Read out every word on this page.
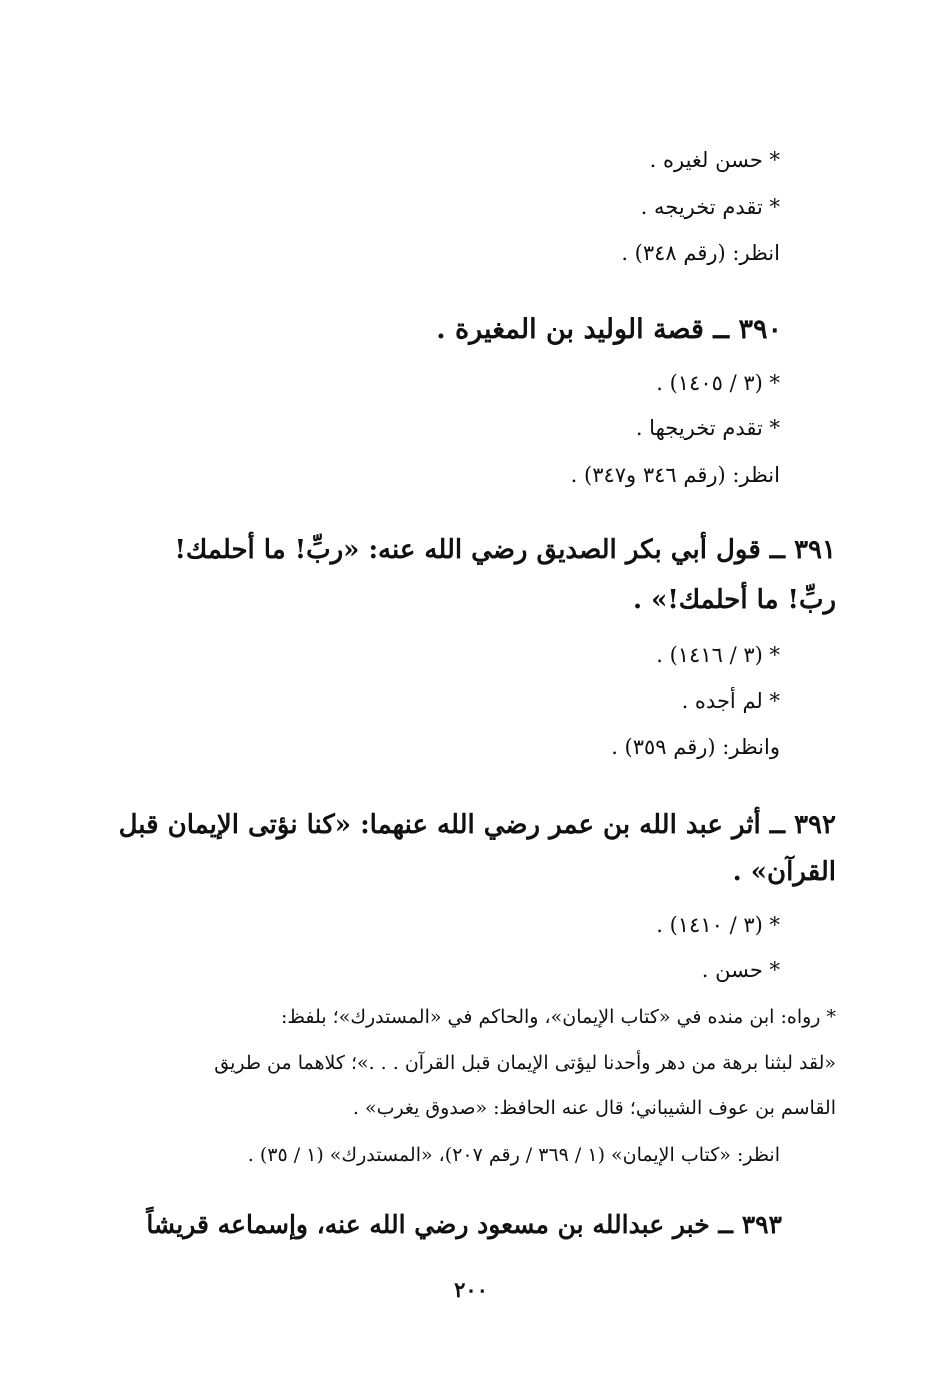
* حسن لغيره .
* تقدم تخريجه .
انظر: (رقم ٣٤٨) .
٣٩٠ ــ قصة الوليد بن المغيرة .
* (٣ / ١٤٠٥) .
* تقدم تخريجها .
انظر: (رقم ٣٤٦ و٣٤٧) .
٣٩١ ــ قول أبي بكر الصديق رضي الله عنه: «ربِّ! ما أحلمك!
ربِّ! ما أحلمك!» .
* (٣ / ١٤١٦) .
* لم أجده .
وانظر: (رقم ٣٥٩) .
٣٩٢ ــ أثر عبد الله بن عمر رضي الله عنهما: «كنا نؤتى الإيمان قبل
القرآن» .
* (٣ / ١٤١٠) .
* حسن .
* رواه: ابن منده في «كتاب الإيمان»، والحاكم في «المستدرك»؛ بلفظ:
«لقد لبثنا برهة من دهر وأحدنا ليؤتى الإيمان قبل القرآن . . .»؛ كلاهما من طريق
القاسم بن عوف الشيباني؛ قال عنه الحافظ: «صدوق يغرب» .
انظر: «كتاب الإيمان» (١ / ٣٦٩ / رقم ٢٠٧)، «المستدرك» (١ / ٣٥) .
٣٩٣ ــ خبر عبدالله بن مسعود رضي الله عنه، وإسماعه قريشاً
٢٠٠
